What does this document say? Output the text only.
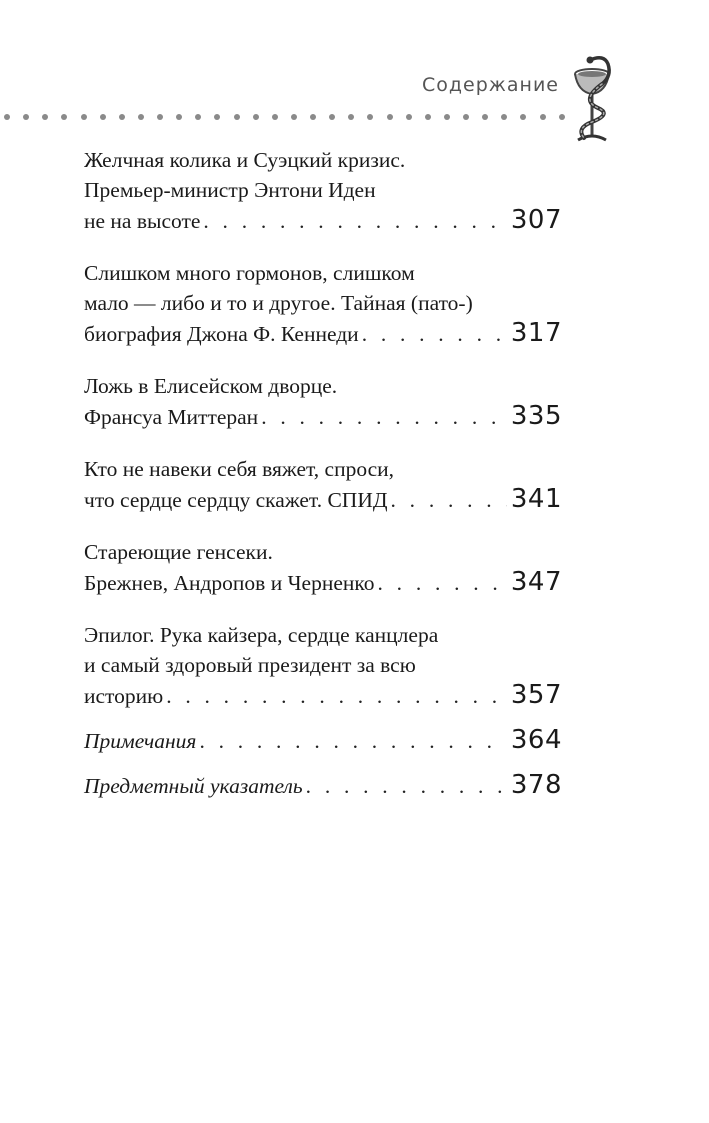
Содержание
Желчная колика и Суэцкий кризис.
Премьер-министр Энтони Иден
не на высоте . . .	307
Слишком много гормонов, слишком
мало — либо и то и другое. Тайная (пато-)
биография Джона Ф. Кеннеди . . .	317
Ложь в Елисейском дворце.
Франсуа Миттеран . . .	335
Кто не навеки себя вяжет, спроси,
что сердце сердцу скажет. СПИД . . .	341
Стареющие генсеки.
Брежнев, Андропов и Черненко . . .	347
Эпилог. Рука кайзера, сердце канцлера
и самый здоровый президент за всю
историю . . .	357
Примечания . . .	364
Предметный указатель . . .	378
